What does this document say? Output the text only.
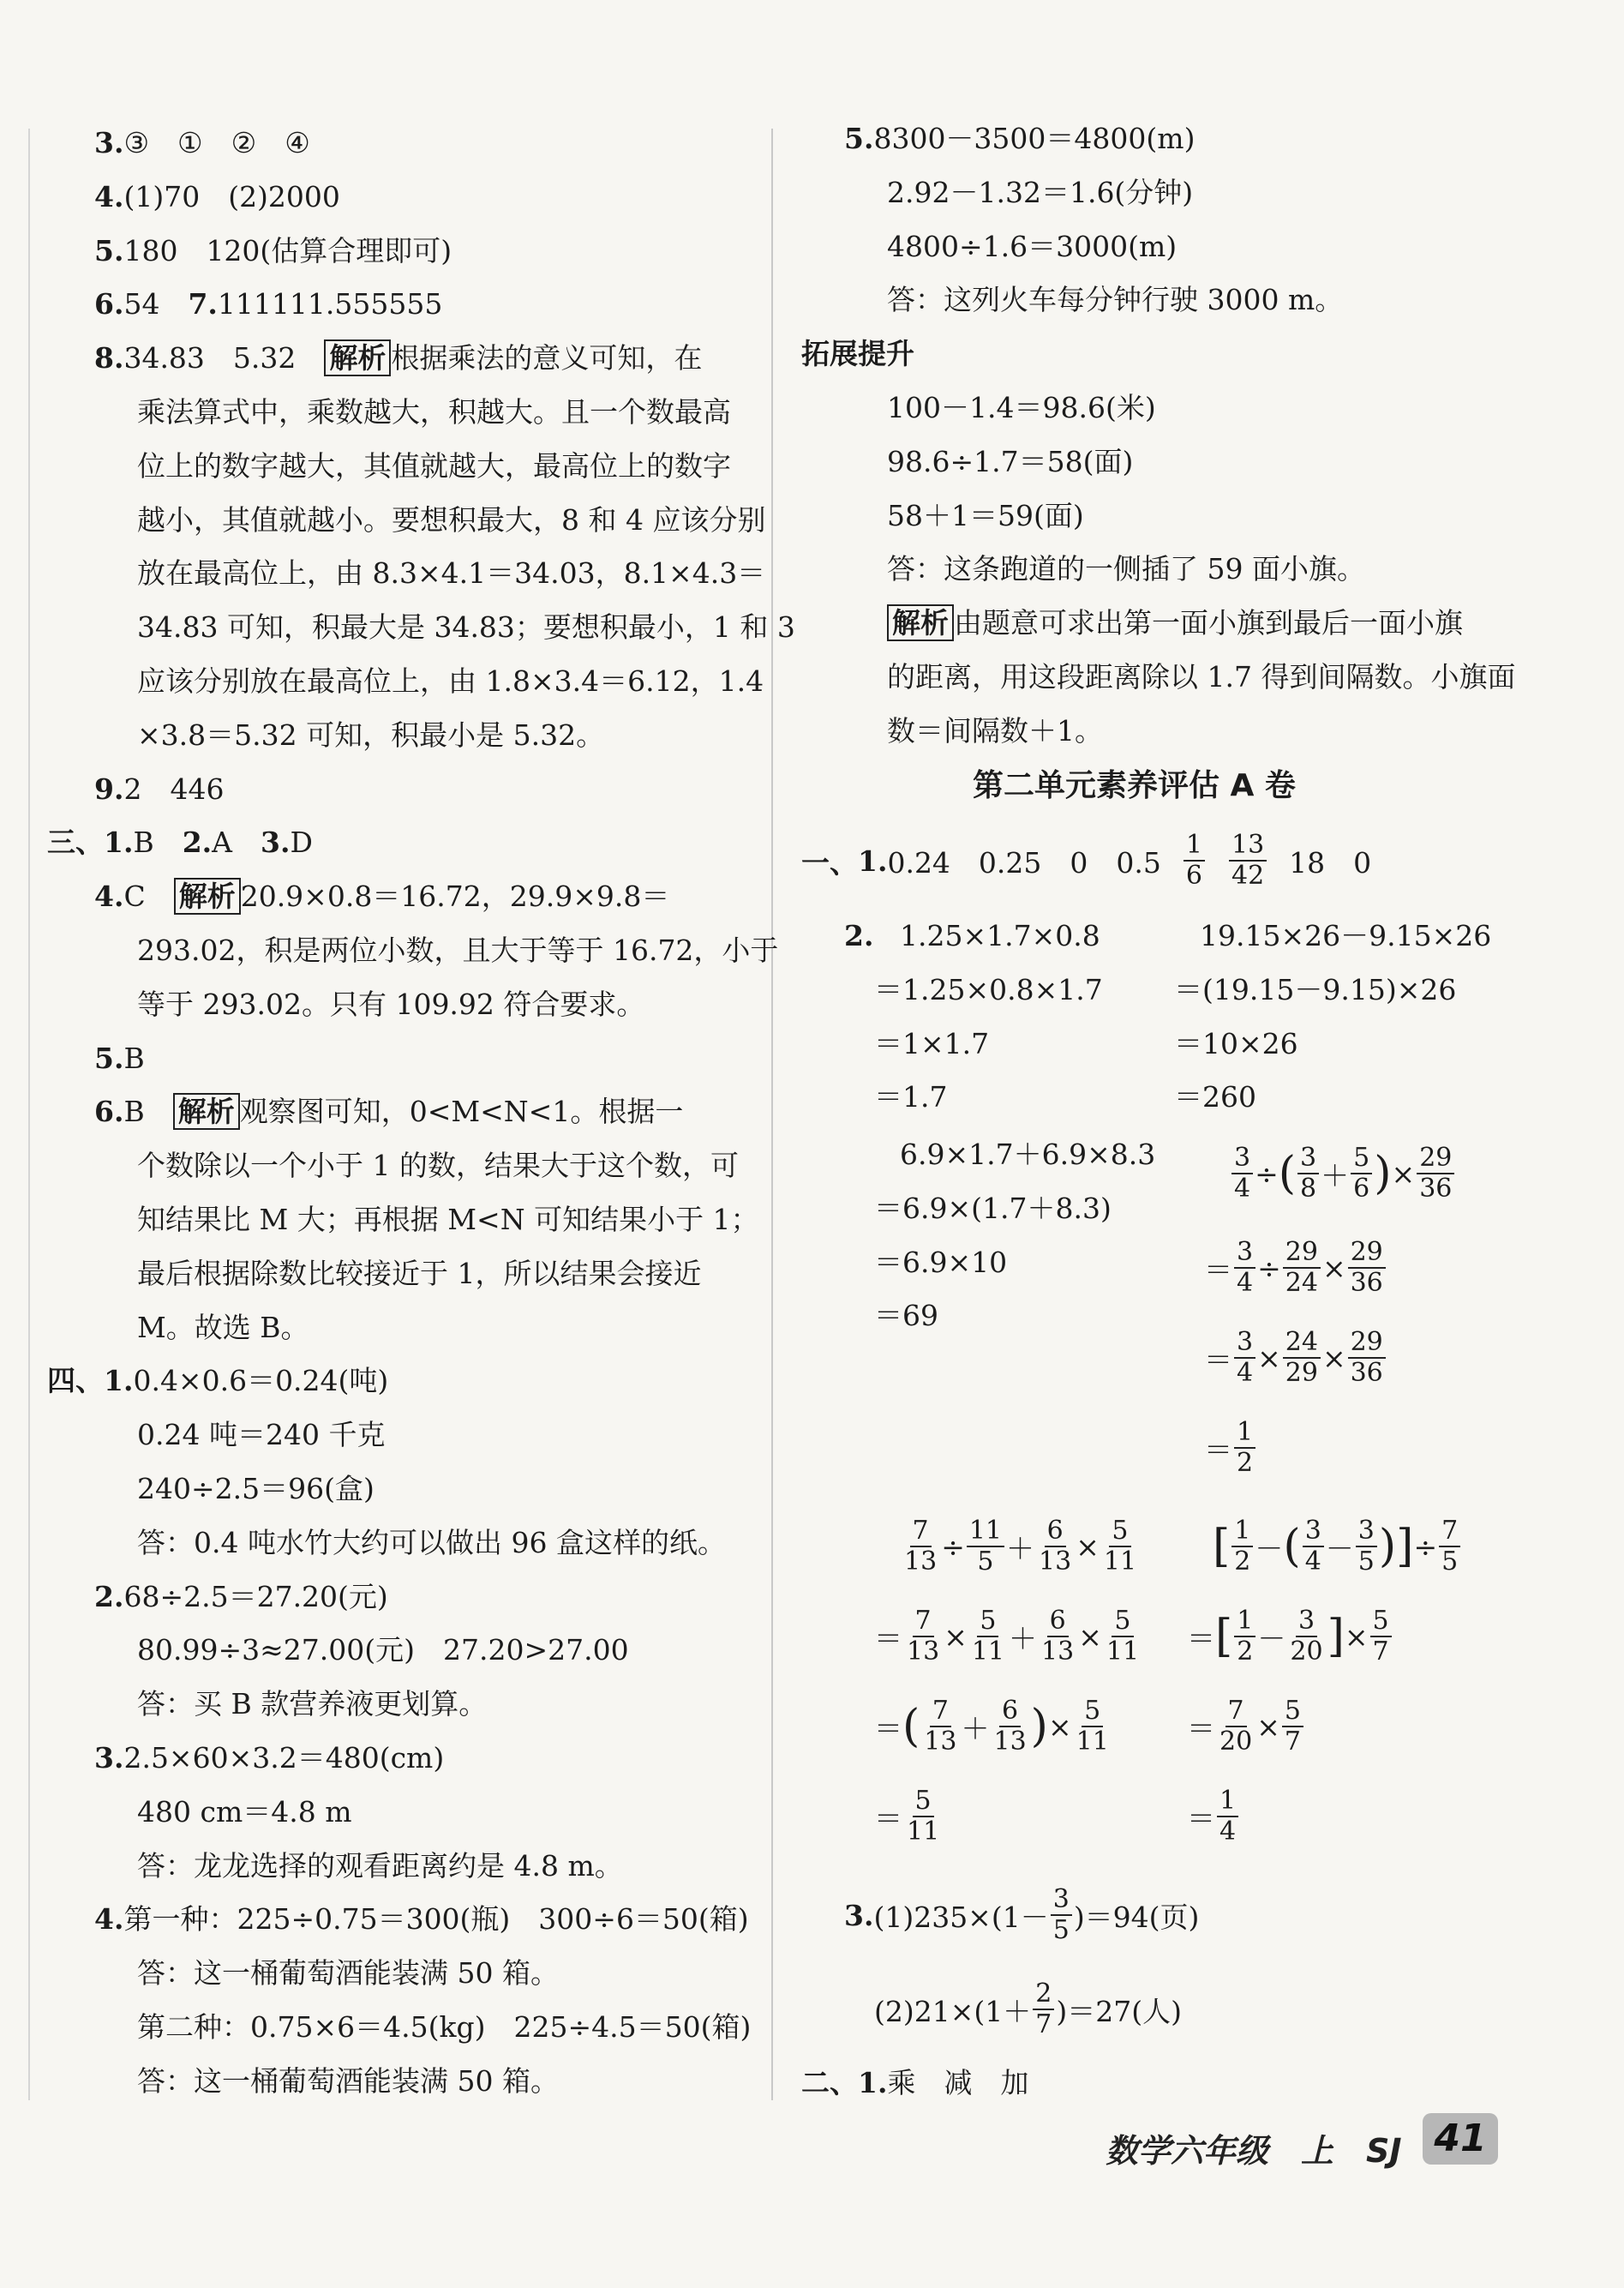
3.③　①　②　④
4.(1)70　(2)2000
5.180　120(估算合理即可)
6.54　7.111111.555555
8.34.83　5.32　解析 根据乘法的意义可知，在
乘法算式中，乘数越大，积越大。且一个数最高
位上的数字越大，其值就越大，最高位上的数字
越小，其值就越小。要想积最大，8 和 4 应该分别
放在最高位上，由 8.3×4.1＝34.03，8.1×4.3＝
34.83 可知，积最大是 34.83；要想积最小，1 和 3
应该分别放在最高位上，由 1.8×3.4＝6.12，1.4
×3.8＝5.32 可知，积最小是 5.32。
9.2　446
三、1.B　2.A　3.D
4.C　解析 20.9×0.8＝16.72，29.9×9.8＝
293.02，积是两位小数，且大于等于 16.72，小于
等于 293.02。只有 109.92 符合要求。
5.B
6.B　解析 观察图可知，0<M<N<1。根据一
个数除以一个小于 1 的数，结果大于这个数，可
知结果比 M 大；再根据 M<N 可知结果小于 1；
最后根据除数比较接近于 1，所以结果会接近
M。故选 B。
四、1.0.4×0.6＝0.24(吨)
0.24 吨＝240 千克
240÷2.5＝96(盒)
答：0.4 吨水竹大约可以做出 96 盒这样的纸。
2.68÷2.5＝27.20(元)
80.99÷3≈27.00(元)　27.20>27.00
答：买 B 款营养液更划算。
3.2.5×60×3.2＝480(cm)
480 cm＝4.8 m
答：龙龙选择的观看距离约是 4.8 m。
4.第一种：225÷0.75＝300(瓶)　300÷6＝50(箱)
答：这一桶葡萄酒能装满 50 箱。
第二种：0.75×6＝4.5(kg)　225÷4.5＝50(箱)
答：这一桶葡萄酒能装满 50 箱。
5.8300－3500＝4800(m)
2.92－1.32＝1.6(分钟)
4800÷1.6＝3000(m)
答：这列火车每分钟行驶 3000 m。
拓展提升
100－1.4＝98.6(米)
98.6÷1.7＝58(面)
58＋1＝59(面)
答：这条跑道的一侧插了 59 面小旗。
解析 由题意可求出第一面小旗到最后一面小旗
的距离，用这段距离除以 1.7 得到间隔数。小旗面
数＝间隔数＋1。
第二单元素养评估 A 卷
一、 1. 0.24　0.25　0　$0.5 \frac{1}{6} \frac{13}{42} 18$　0
2. 1.25×1.7×0.8
＝1.25×0.8×1.7
＝1×1.7
＝1.7
19.15×26－9.15×26
＝(19.15－9.15)×26
＝10×26
＝260
6.9×1.7＋6.9×8.3
＝6.9×(1.7＋8.3)
＝6.9×10
＝69
$\frac{3}{4}$ ÷ ( $\frac{3}{8} + \frac{5}{6}$ ) × $\frac{29}{36}$
＝ $\frac{3}{4} \div \frac{29}{24} \times \frac{29}{36}$
＝ $\frac{3}{4} \times \frac{24}{29} \times \frac{29}{36}$
＝ $\frac{1}{2}$
$\frac{7}{13} \div \frac{11}{5} + \frac{6}{13} \times \frac{5}{11}$
＝ $\frac{7}{13} \times \frac{5}{11} + \frac{6}{13} \times \frac{5}{11}$
＝ ( $\frac{7}{13} + \frac{6}{13}$ ) × $\frac{5}{11}$
＝ $\frac{5}{11}$
[ $\frac{1}{2}$ － ( $\frac{3}{4} - \frac{3}{5}$ )] ÷ $\frac{7}{5}$
＝ [ $\frac{1}{2} - \frac{3}{20}$ ] × $\frac{5}{7}$
＝ $\frac{7}{20} \times \frac{5}{7}$
＝ $\frac{1}{4}$
3. $(1)235\times(1- \frac{3}{5} )=94$(页)
$(2)21\times(1+ \frac{2}{7} )=27$(人)
二、1.乘　减　加
数学六年级　上　SJ 41
